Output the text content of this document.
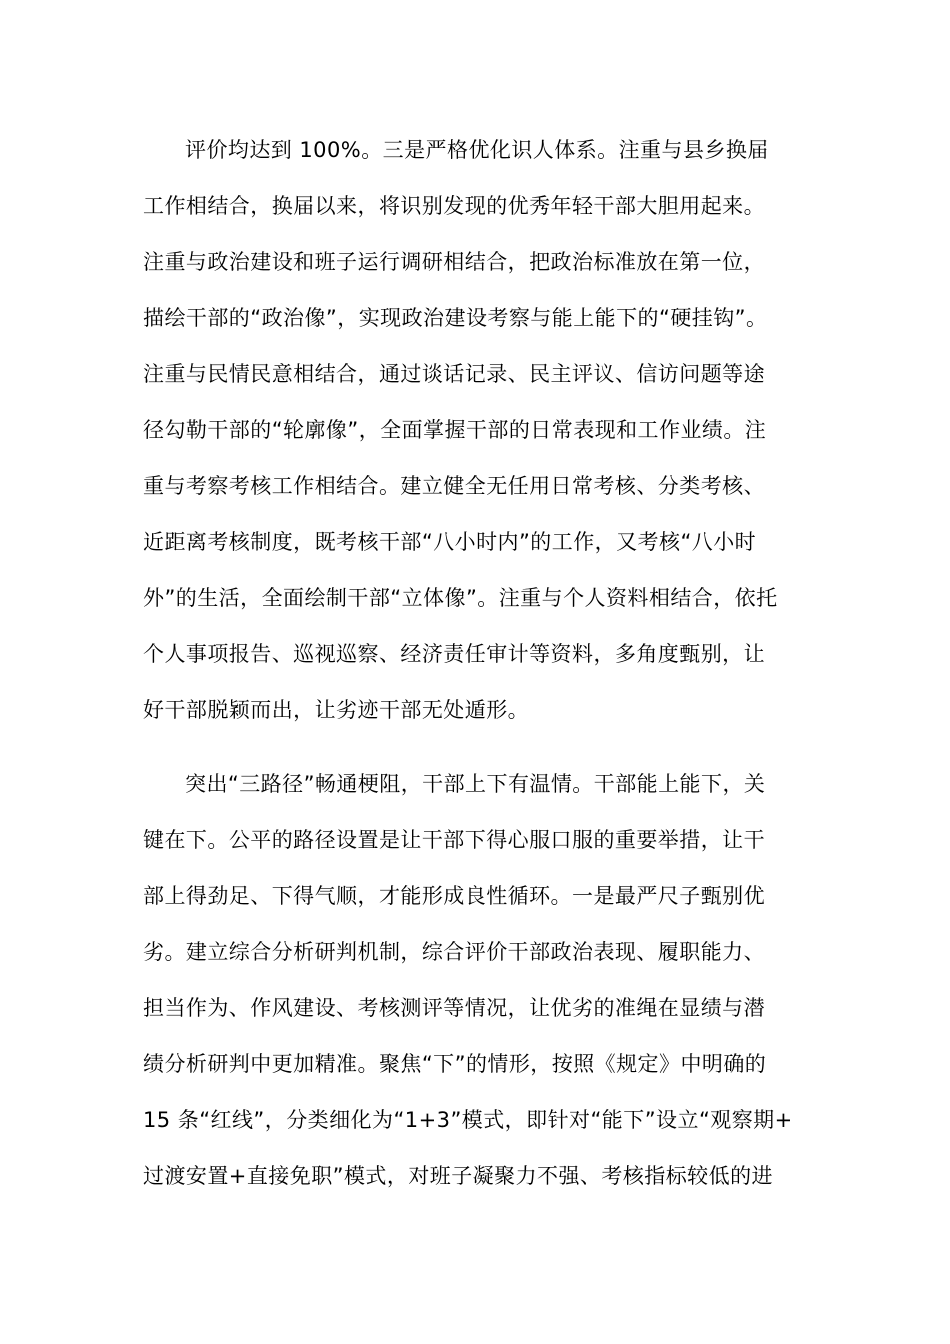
评价均达到 100%。三是严格优化识人体系。注重与县乡换届
工作相结合，换届以来，将识别发现的优秀年轻干部大胆用起来。
注重与政治建设和班子运行调研相结合，把政治标准放在第一位，
描绘干部的“政治像”，实现政治建设考察与能上能下的“硬挂钩”。
注重与民情民意相结合，通过谈话记录、民主评议、信访问题等途
径勾勒干部的“轮廓像”，全面掌握干部的日常表现和工作业绩。注
重与考察考核工作相结合。建立健全无任用日常考核、分类考核、
近距离考核制度，既考核干部“八小时内”的工作，又考核“八小时
外”的生活，全面绘制干部“立体像”。注重与个人资料相结合，依托
个人事项报告、巡视巡察、经济责任审计等资料，多角度甄别，让
好干部脱颖而出，让劣迹干部无处遁形。
突出“三路径”畅通梗阻，干部上下有温情。干部能上能下，关
键在下。公平的路径设置是让干部下得心服口服的重要举措，让干
部上得劲足、下得气顺，才能形成良性循环。一是最严尺子甄别优
劣。建立综合分析研判机制，综合评价干部政治表现、履职能力、
担当作为、作风建设、考核测评等情况，让优劣的准绳在显绩与潜
绩分析研判中更加精准。聚焦“下”的情形，按照《规定》中明确的
15 条“红线”，分类细化为“1+3”模式，即针对“能下”设立“观察期+
过渡安置+直接免职”模式，对班子凝聚力不强、考核指标较低的进
